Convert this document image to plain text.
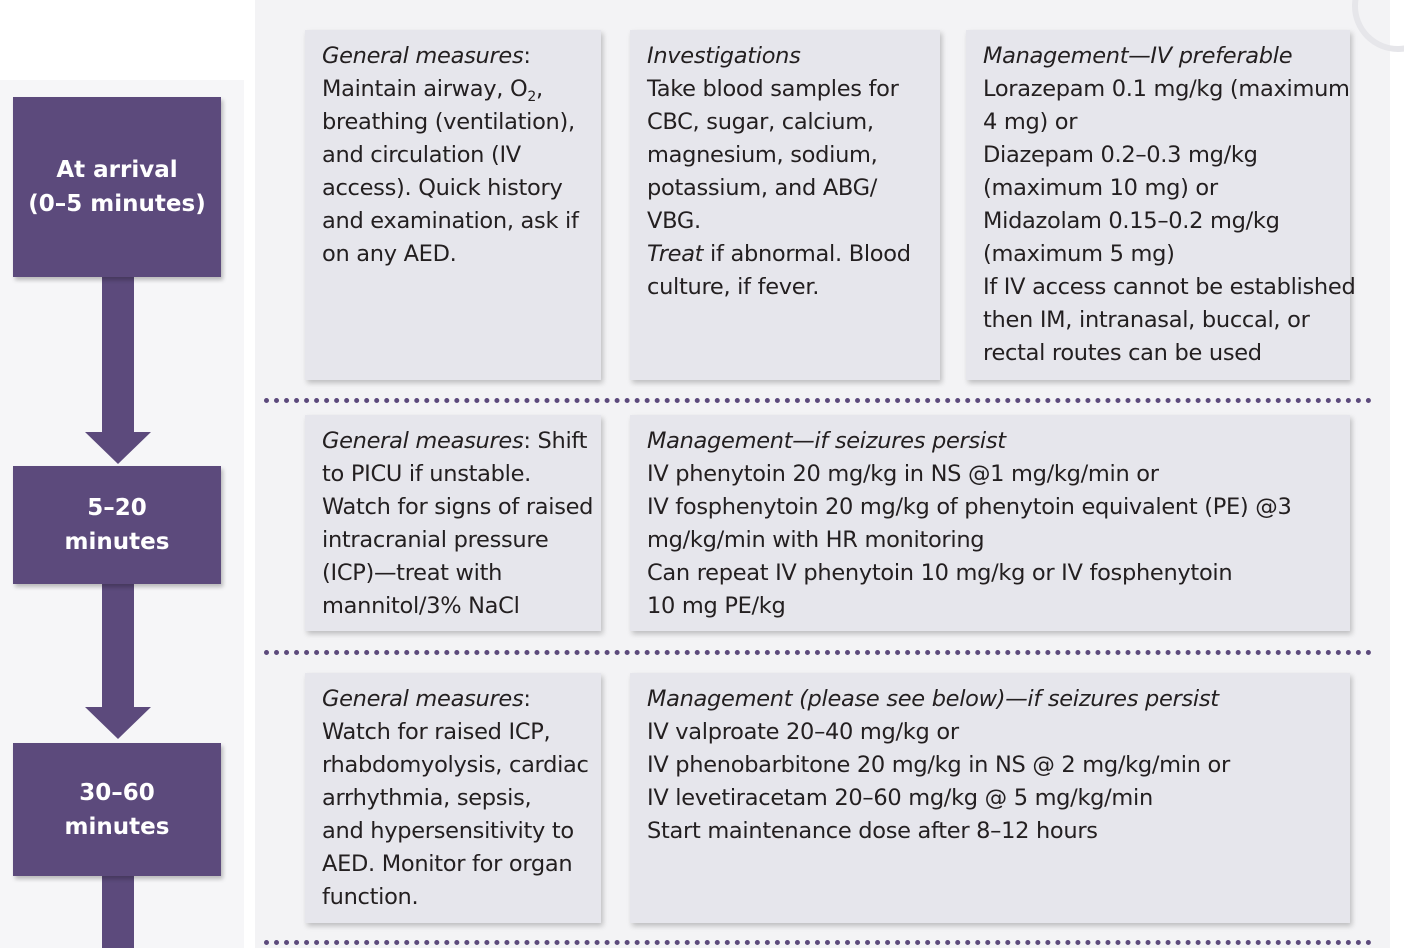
At arrival
(0–5 minutes)
5–20
minutes
30–60
minutes
General measures:
Maintain airway, $O_2$,
breathing (ventilation),
and circulation (IV
access). Quick history
and examination, ask if
on any AED.
Investigations
Take blood samples for
CBC, sugar, calcium,
magnesium, sodium,
potassium, and ABG/
VBG.
Treat if abnormal. Blood
culture, if fever.
Management—IV preferable
Lorazepam 0.1 mg/kg (maximum
4 mg) or
Diazepam 0.2–0.3 mg/kg
(maximum 10 mg) or
Midazolam 0.15–0.2 mg/kg
(maximum 5 mg)
If IV access cannot be established
then IM, intranasal, buccal, or
rectal routes can be used
General measures: Shift
to PICU if unstable.
Watch for signs of raised
intracranial pressure
(ICP)—treat with
mannitol/3% NaCl
Management—if seizures persist
IV phenytoin 20 mg/kg in NS @1 mg/kg/min or
IV fosphenytoin 20 mg/kg of phenytoin equivalent (PE) @3
mg/kg/min with HR monitoring
Can repeat IV phenytoin 10 mg/kg or IV fosphenytoin
10 mg PE/kg
General measures:
Watch for raised ICP,
rhabdomyolysis, cardiac
arrhythmia, sepsis,
and hypersensitivity to
AED. Monitor for organ
function.
Management (please see below)—if seizures persist
IV valproate 20–40 mg/kg or
IV phenobarbitone 20 mg/kg in NS @ 2 mg/kg/min or
IV levetiracetam 20–60 mg/kg @ 5 mg/kg/min
Start maintenance dose after 8–12 hours
